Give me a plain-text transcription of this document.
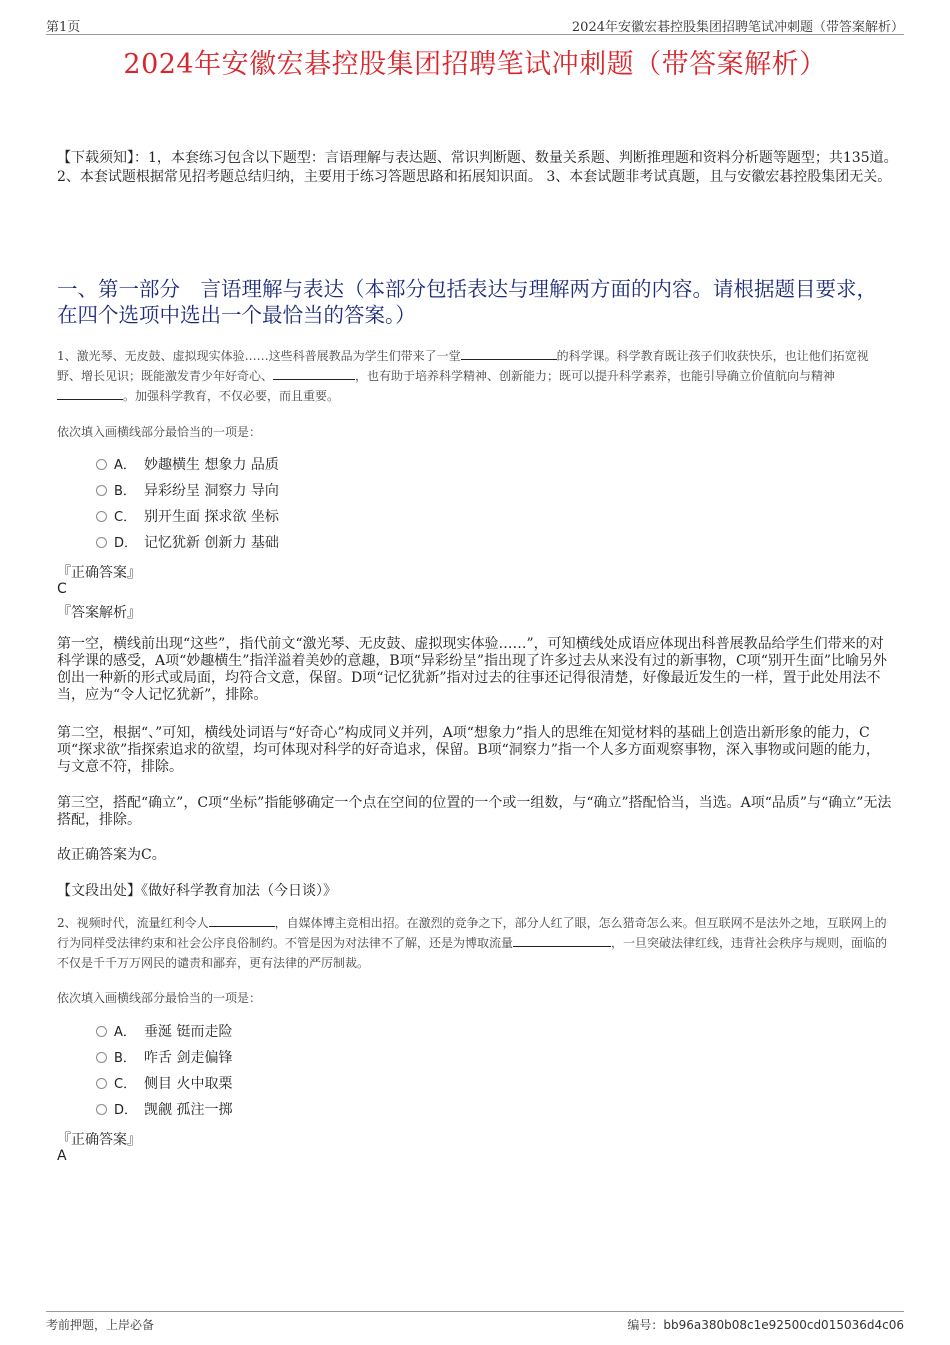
第1页	2024年安徽宏碁控股集团招聘笔试冲刺题（带答案解析）
2024年安徽宏碁控股集团招聘笔试冲刺题（带答案解析）
【下载须知】：1，本套练习包含以下题型：言语理解与表达题、常识判断题、数量关系题、判断推理题和资料分析题等题型；共135道。 2、本套试题根据常见招考题总结归纳，主要用于练习答题思路和拓展知识面。 3、本套试题非考试真题，且与安徽宏碁控股集团无关。
一、第一部分　言语理解与表达（本部分包括表达与理解两方面的内容。请根据题目要求，在四个选项中选出一个最恰当的答案。）
1、激光琴、无皮鼓、虚拟现实体验……这些科普展教品为学生们带来了一堂	的科学课。科学教育既让孩子们收获快乐，也让他们拓宽视野、增长见识；既能激发青少年好奇心、	，也有助于培养科学精神、创新能力；既可以提升科学素养，也能引导确立价值航向与精神。加强科学教育，不仅必要，而且重要。
依次填入画横线部分最恰当的一项是：
A． 妙趣横生 想象力 品质
B． 异彩纷呈 洞察力 导向
C． 别开生面 探求欲 坐标
D． 记忆犹新 创新力 基础
『正确答案』
C
『答案解析』
第一空，横线前出现“这些”，指代前文“激光琴、无皮鼓、虚拟现实体验……”，可知横线处成语应体现出科普展教品给学生们带来的对科学课的感受，A项“妙趣横生”指洋溢着美妙的意趣，B项“异彩纷呈”指出现了许多过去从来没有过的新事物，C项“别开生面”比喻另外创出一种新的形式或局面，均符合文意，保留。D项“记忆犹新”指对过去的往事还记得很清楚，好像最近发生的一样，置于此处用法不当，应为“令人记忆犹新”，排除。
第二空，根据“、”可知，横线处词语与“好奇心”构成同义并列，A项“想象力”指人的思维在知觉材料的基础上创造出新形象的能力，C项“探求欲”指探索追求的欲望，均可体现对科学的好奇追求，保留。B项“洞察力”指一个人多方面观察事物，深入事物或问题的能力，与文意不符，排除。
第三空，搭配“确立”，C项“坐标”指能够确定一个点在空间的位置的一个或一组数，与“确立”搭配恰当，当选。A项“品质”与“确立”无法搭配，排除。
故正确答案为C。
【文段出处】《做好科学教育加法（今日谈）》
2、视频时代，流量红利令人	，自媒体博主竞相出招。在激烈的竞争之下，部分人红了眼，怎么猎奇怎么来。但互联网不是法外之地，互联网上的行为同样受法律约束和社会公序良俗制约。不管是因为对法律不了解，还是为博取流量	，一旦突破法律红线，违背社会秩序与规则，面临的不仅是千千万万网民的谴责和鄙弃，更有法律的严厉制裁。
依次填入画横线部分最恰当的一项是：
A． 垂涎 铤而走险
B． 咋舌 剑走偏锋
C． 侧目 火中取栗
D． 觊觎 孤注一掷
『正确答案』
A
考前押题，上岸必备	编号：bb96a380b08c1e92500cd015036d4c06
